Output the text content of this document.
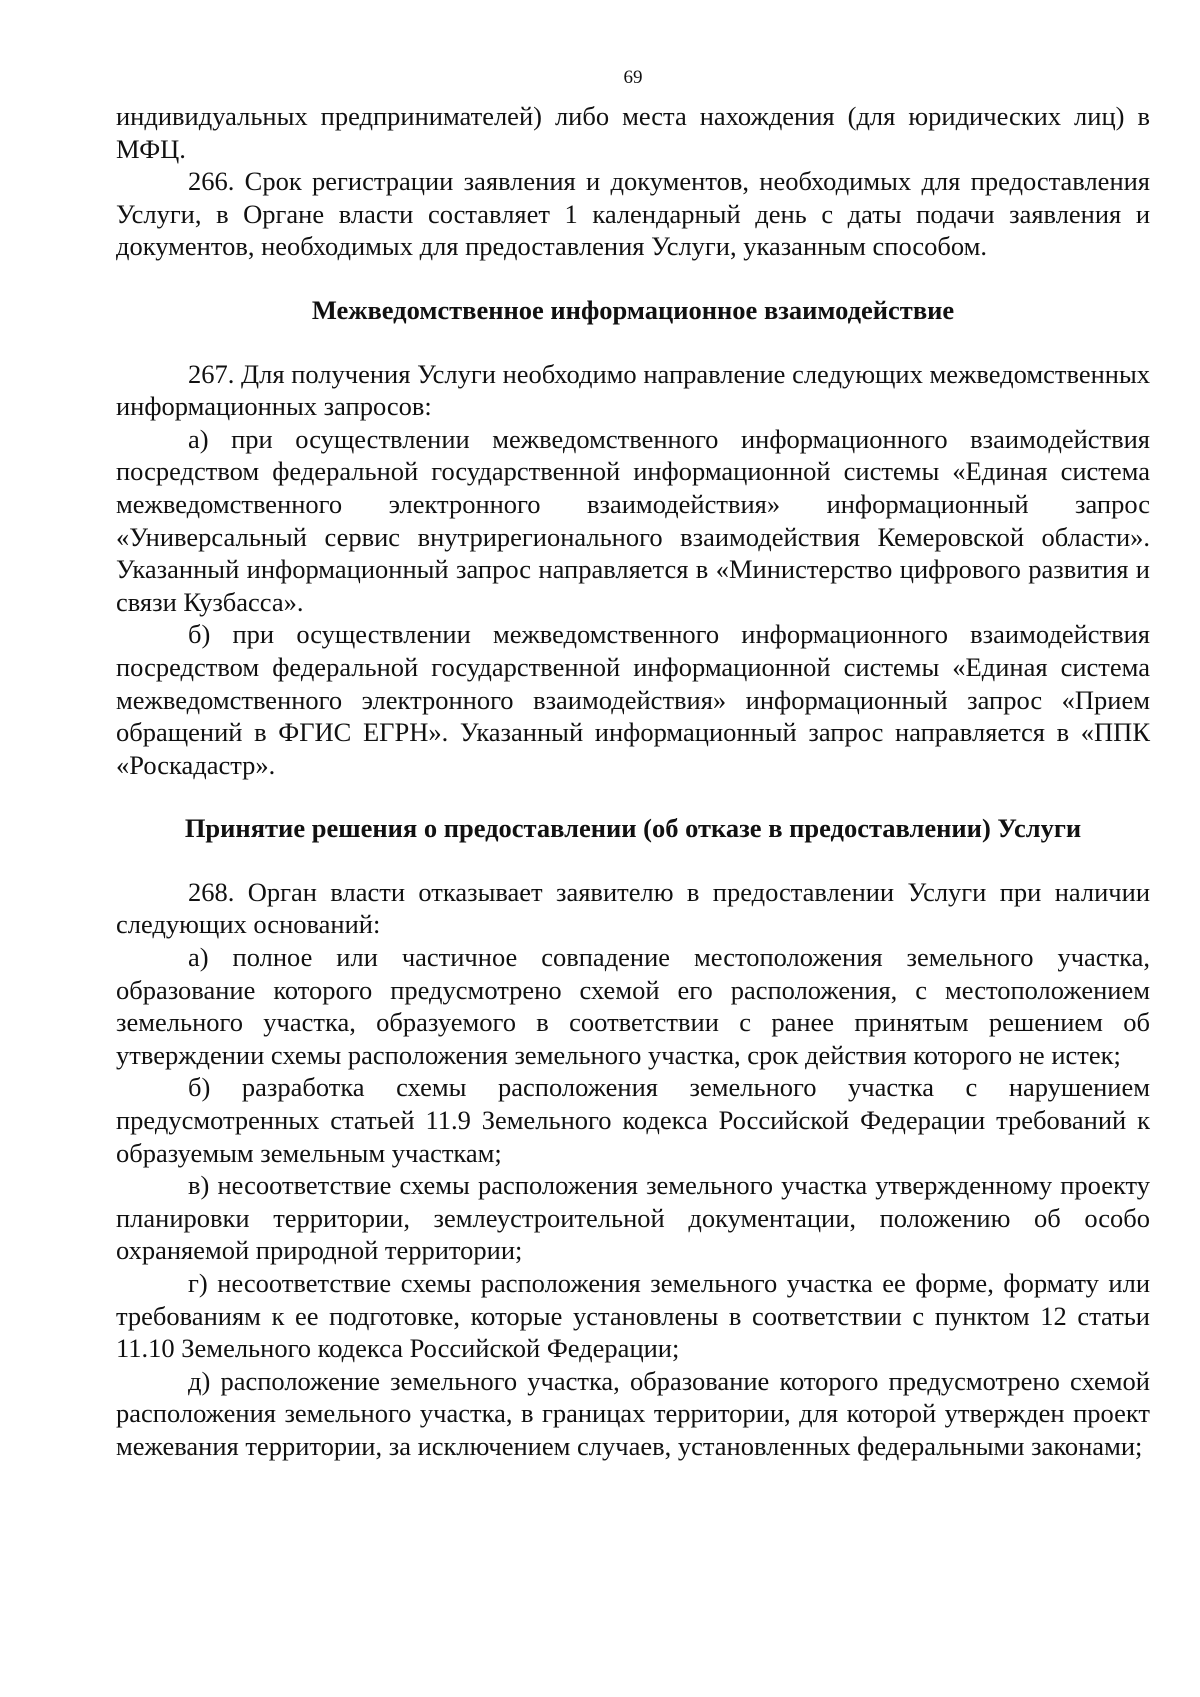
69

индивидуальных предпринимателей) либо места нахождения (для юридических лиц) в МФЦ.

266. Срок регистрации заявления и документов, необходимых для предоставления Услуги, в Органе власти составляет 1 календарный день с даты подачи заявления и документов, необходимых для предоставления Услуги, указанным способом.

Межведомственное информационное взаимодействие

267. Для получения Услуги необходимо направление следующих межведомственных информационных запросов:

а) при осуществлении межведомственного информационного взаимодействия посредством федеральной государственной информационной системы «Единая система межведомственного электронного взаимодействия» информационный запрос «Универсальный сервис внутрирегионального взаимодействия Кемеровской области». Указанный информационный запрос направляется в «Министерство цифрового развития и связи Кузбасса».

б) при осуществлении межведомственного информационного взаимодействия посредством федеральной государственной информационной системы «Единая система межведомственного электронного взаимодействия» информационный запрос «Прием обращений в ФГИС ЕГРН». Указанный информационный запрос направляется в «ППК «Роскадастр».

Принятие решения о предоставлении (об отказе в предоставлении) Услуги

268. Орган власти отказывает заявителю в предоставлении Услуги при наличии следующих оснований:

а) полное или частичное совпадение местоположения земельного участка, образование которого предусмотрено схемой его расположения, с местоположением земельного участка, образуемого в соответствии с ранее принятым решением об утверждении схемы расположения земельного участка, срок действия которого не истек;

б) разработка схемы расположения земельного участка с нарушением предусмотренных статьей 11.9 Земельного кодекса Российской Федерации требований к образуемым земельным участкам;

в) несоответствие схемы расположения земельного участка утвержденному проекту планировки территории, землеустроительной документации, положению об особо охраняемой природной территории;

г) несоответствие схемы расположения земельного участка ее форме, формату или требованиям к ее подготовке, которые установлены в соответствии с пунктом 12 статьи 11.10 Земельного кодекса Российской Федерации;

д) расположение земельного участка, образование которого предусмотрено схемой расположения земельного участка, в границах территории, для которой утвержден проект межевания территории, за исключением случаев, установленных федеральными законами;
